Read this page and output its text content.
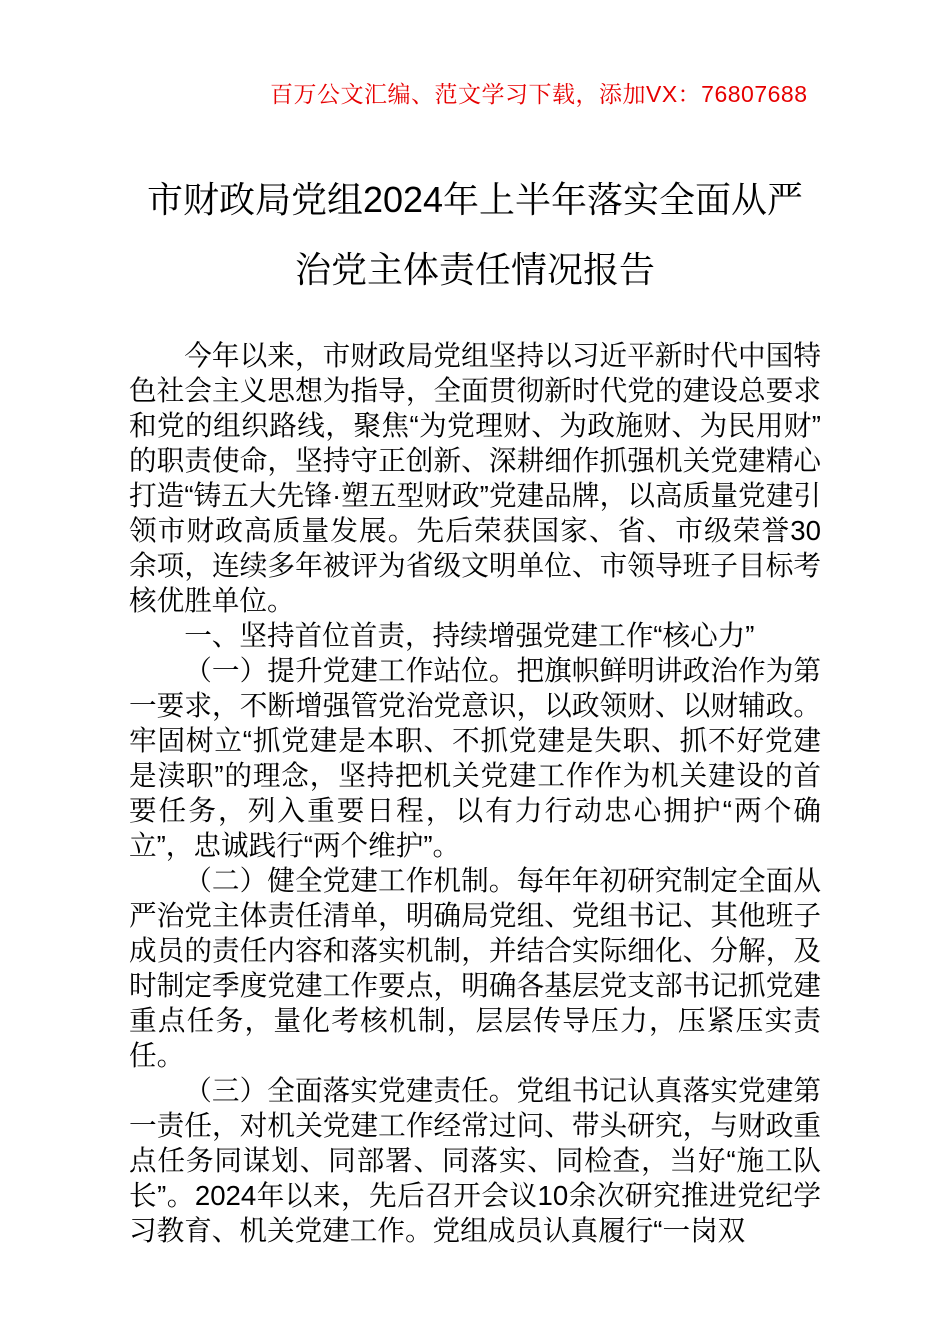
百万公文汇编、范文学习下载，添加VX：76807688
市财政局党组2024年上半年落实全面从严
治党主体责任情况报告

今年以来，市财政局党组坚持以习近平新时代中国特色社会主义思想为指导，全面贯彻新时代党的建设总要求和党的组织路线，聚焦“为党理财、为政施财、为民用财”的职责使命，坚持守正创新、深耕细作抓强机关党建精心打造“铸五大先锋·塑五型财政”党建品牌，以高质量党建引领市财政高质量发展。先后荣获国家、省、市级荣誉30余项，连续多年被评为省级文明单位、市领导班子目标考核优胜单位。

一、坚持首位首责，持续增强党建工作“核心力”

（一）提升党建工作站位。把旗帜鲜明讲政治作为第一要求，不断增强管党治党意识，以政领财、以财辅政。牢固树立“抓党建是本职、不抓党建是失职、抓不好党建是渎职”的理念，坚持把机关党建工作作为机关建设的首要任务，列入重要日程，以有力行动忠心拥护“两个确立”，忠诚践行“两个维护”。

（二）健全党建工作机制。每年年初研究制定全面从严治党主体责任清单，明确局党组、党组书记、其他班子成员的责任内容和落实机制，并结合实际细化、分解，及时制定季度党建工作要点，明确各基层党支部书记抓党建重点任务，量化考核机制，层层传导压力，压紧压实责任。

（三）全面落实党建责任。党组书记认真落实党建第一责任，对机关党建工作经常过问、带头研究，与财政重点任务同谋划、同部署、同落实、同检查，当好“施工队长”。2024年以来，先后召开会议10余次研究推进党纪学习教育、机关党建工作。党组成员认真履行“一岗双
